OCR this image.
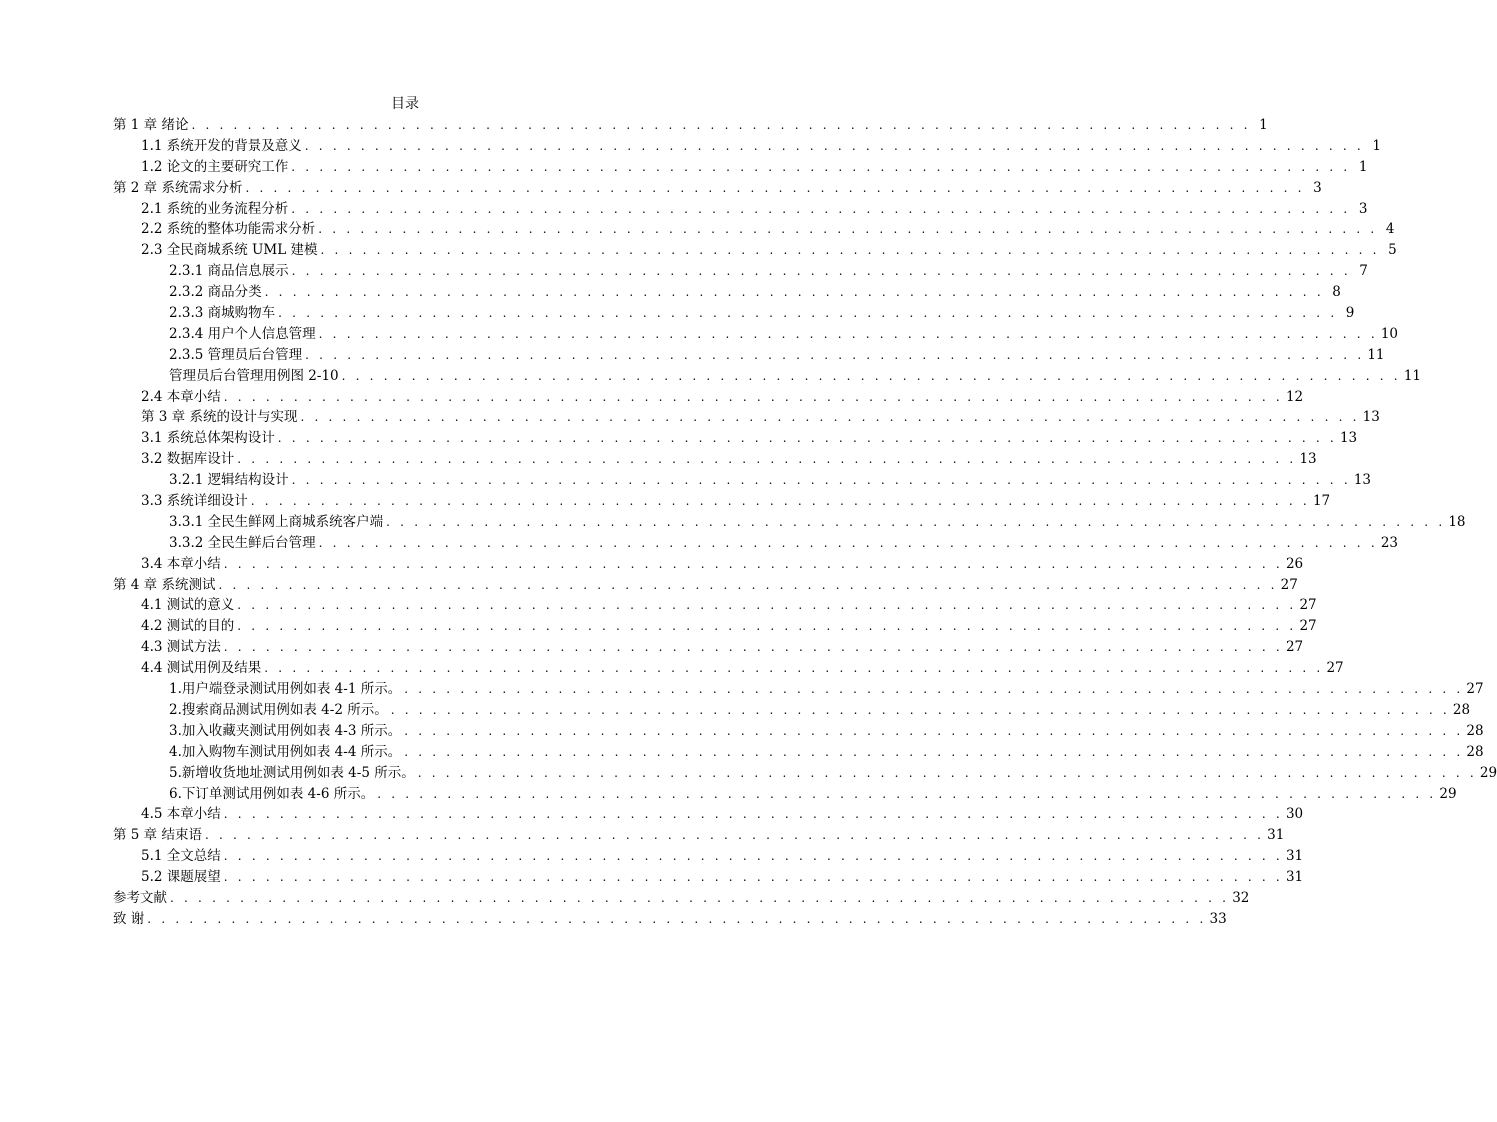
目录
第 1 章 绪论 . . . . . . . . . . . . . . . . . . . . . . . . . . . . . . . . . . . . . . . . . . . . . . . . . . . . . . . . . . . . . . . . . . . . . . . . . . . . 1
1.1 系统开发的背景及意义 . . . . . . . . . . . . . . . . . . . . . . . . . . . . . . . . . . . . . . . . . . . . . . . . . . . . . . . . . . . . . . . . . . . . . . . . . . . . 1
1.2 论文的主要研究工作 . . . . . . . . . . . . . . . . . . . . . . . . . . . . . . . . . . . . . . . . . . . . . . . . . . . . . . . . . . . . . . . . . . . . . . . . . . . . 1
第 2 章 系统需求分析 . . . . . . . . . . . . . . . . . . . . . . . . . . . . . . . . . . . . . . . . . . . . . . . . . . . . . . . . . . . . . . . . . . . . . . . . . . . . 3
2.1 系统的业务流程分析 . . . . . . . . . . . . . . . . . . . . . . . . . . . . . . . . . . . . . . . . . . . . . . . . . . . . . . . . . . . . . . . . . . . . . . . . . . . . 3
2.2 系统的整体功能需求分析 . . . . . . . . . . . . . . . . . . . . . . . . . . . . . . . . . . . . . . . . . . . . . . . . . . . . . . . . . . . . . . . . . . . . . . . . . . . . 4
2.3 全民商城系统 UML 建模 . . . . . . . . . . . . . . . . . . . . . . . . . . . . . . . . . . . . . . . . . . . . . . . . . . . . . . . . . . . . . . . . . . . . . . . . . . . . 5
2.3.1 商品信息展示 . . . . . . . . . . . . . . . . . . . . . . . . . . . . . . . . . . . . . . . . . . . . . . . . . . . . . . . . . . . . . . . . . . . . . . . . . . . . 7
2.3.2 商品分类 . . . . . . . . . . . . . . . . . . . . . . . . . . . . . . . . . . . . . . . . . . . . . . . . . . . . . . . . . . . . . . . . . . . . . . . . . . . . 8
2.3.3 商城购物车 . . . . . . . . . . . . . . . . . . . . . . . . . . . . . . . . . . . . . . . . . . . . . . . . . . . . . . . . . . . . . . . . . . . . . . . . . . . . 9
2.3.4 用户个人信息管理 . . . . . . . . . . . . . . . . . . . . . . . . . . . . . . . . . . . . . . . . . . . . . . . . . . . . . . . . . . . . . . . . . . . . . . . . . . . . 10
2.3.5 管理员后台管理 . . . . . . . . . . . . . . . . . . . . . . . . . . . . . . . . . . . . . . . . . . . . . . . . . . . . . . . . . . . . . . . . . . . . . . . . . . . . 11
管理员后台管理用例图 2-10 . . . . . . . . . . . . . . . . . . . . . . . . . . . . . . . . . . . . . . . . . . . . . . . . . . . . . . . . . . . . . . . . . . . . . . . . . . . . 11
2.4 本章小结 . . . . . . . . . . . . . . . . . . . . . . . . . . . . . . . . . . . . . . . . . . . . . . . . . . . . . . . . . . . . . . . . . . . . . . . . . . . . 12
第 3 章 系统的设计与实现 . . . . . . . . . . . . . . . . . . . . . . . . . . . . . . . . . . . . . . . . . . . . . . . . . . . . . . . . . . . . . . . . . . . . . . . . . . . . 13
3.1 系统总体架构设计 . . . . . . . . . . . . . . . . . . . . . . . . . . . . . . . . . . . . . . . . . . . . . . . . . . . . . . . . . . . . . . . . . . . . . . . . . . . . 13
3.2 数据库设计 . . . . . . . . . . . . . . . . . . . . . . . . . . . . . . . . . . . . . . . . . . . . . . . . . . . . . . . . . . . . . . . . . . . . . . . . . . . . 13
3.2.1 逻辑结构设计 . . . . . . . . . . . . . . . . . . . . . . . . . . . . . . . . . . . . . . . . . . . . . . . . . . . . . . . . . . . . . . . . . . . . . . . . . . . . 13
3.3 系统详细设计 . . . . . . . . . . . . . . . . . . . . . . . . . . . . . . . . . . . . . . . . . . . . . . . . . . . . . . . . . . . . . . . . . . . . . . . . . . . . 17
3.3.1 全民生鲜网上商城系统客户端 . . . . . . . . . . . . . . . . . . . . . . . . . . . . . . . . . . . . . . . . . . . . . . . . . . . . . . . . . . . . . . . . . . . . . . . . . . . . 18
3.3.2 全民生鲜后台管理 . . . . . . . . . . . . . . . . . . . . . . . . . . . . . . . . . . . . . . . . . . . . . . . . . . . . . . . . . . . . . . . . . . . . . . . . . . . . 23
3.4 本章小结 . . . . . . . . . . . . . . . . . . . . . . . . . . . . . . . . . . . . . . . . . . . . . . . . . . . . . . . . . . . . . . . . . . . . . . . . . . . . 26
第 4 章 系统测试 . . . . . . . . . . . . . . . . . . . . . . . . . . . . . . . . . . . . . . . . . . . . . . . . . . . . . . . . . . . . . . . . . . . . . . . . . . . . 27
4.1 测试的意义 . . . . . . . . . . . . . . . . . . . . . . . . . . . . . . . . . . . . . . . . . . . . . . . . . . . . . . . . . . . . . . . . . . . . . . . . . . . . 27
4.2 测试的目的 . . . . . . . . . . . . . . . . . . . . . . . . . . . . . . . . . . . . . . . . . . . . . . . . . . . . . . . . . . . . . . . . . . . . . . . . . . . . 27
4.3 测试方法 . . . . . . . . . . . . . . . . . . . . . . . . . . . . . . . . . . . . . . . . . . . . . . . . . . . . . . . . . . . . . . . . . . . . . . . . . . . . 27
4.4 测试用例及结果 . . . . . . . . . . . . . . . . . . . . . . . . . . . . . . . . . . . . . . . . . . . . . . . . . . . . . . . . . . . . . . . . . . . . . . . . . . . . 27
1.用户端登录测试用例如表 4-1 所示。 . . . . . . . . . . . . . . . . . . . . . . . . . . . . . . . . . . . . . . . . . . . . . . . . . . . . . . . . . . . . . . . . . . . . . . . . . . . . 27
2.搜索商品测试用例如表 4-2 所示。 . . . . . . . . . . . . . . . . . . . . . . . . . . . . . . . . . . . . . . . . . . . . . . . . . . . . . . . . . . . . . . . . . . . . . . . . . . . . 28
3.加入收藏夹测试用例如表 4-3 所示。 . . . . . . . . . . . . . . . . . . . . . . . . . . . . . . . . . . . . . . . . . . . . . . . . . . . . . . . . . . . . . . . . . . . . . . . . . . . . 28
4.加入购物车测试用例如表 4-4 所示。 . . . . . . . . . . . . . . . . . . . . . . . . . . . . . . . . . . . . . . . . . . . . . . . . . . . . . . . . . . . . . . . . . . . . . . . . . . . . 28
5.新增收货地址测试用例如表 4-5 所示。 . . . . . . . . . . . . . . . . . . . . . . . . . . . . . . . . . . . . . . . . . . . . . . . . . . . . . . . . . . . . . . . . . . . . . . . . . . . . 29
6.下订单测试用例如表 4-6 所示。 . . . . . . . . . . . . . . . . . . . . . . . . . . . . . . . . . . . . . . . . . . . . . . . . . . . . . . . . . . . . . . . . . . . . . . . . . . . . 29
4.5 本章小结 . . . . . . . . . . . . . . . . . . . . . . . . . . . . . . . . . . . . . . . . . . . . . . . . . . . . . . . . . . . . . . . . . . . . . . . . . . . . 30
第 5 章 结束语 . . . . . . . . . . . . . . . . . . . . . . . . . . . . . . . . . . . . . . . . . . . . . . . . . . . . . . . . . . . . . . . . . . . . . . . . . . . . 31
5.1 全文总结 . . . . . . . . . . . . . . . . . . . . . . . . . . . . . . . . . . . . . . . . . . . . . . . . . . . . . . . . . . . . . . . . . . . . . . . . . . . . 31
5.2 课题展望 . . . . . . . . . . . . . . . . . . . . . . . . . . . . . . . . . . . . . . . . . . . . . . . . . . . . . . . . . . . . . . . . . . . . . . . . . . . . 31
参考文献 . . . . . . . . . . . . . . . . . . . . . . . . . . . . . . . . . . . . . . . . . . . . . . . . . . . . . . . . . . . . . . . . . . . . . . . . . . . . 32
致 谢 . . . . . . . . . . . . . . . . . . . . . . . . . . . . . . . . . . . . . . . . . . . . . . . . . . . . . . . . . . . . . . . . . . . . . . . . . . . . 33
